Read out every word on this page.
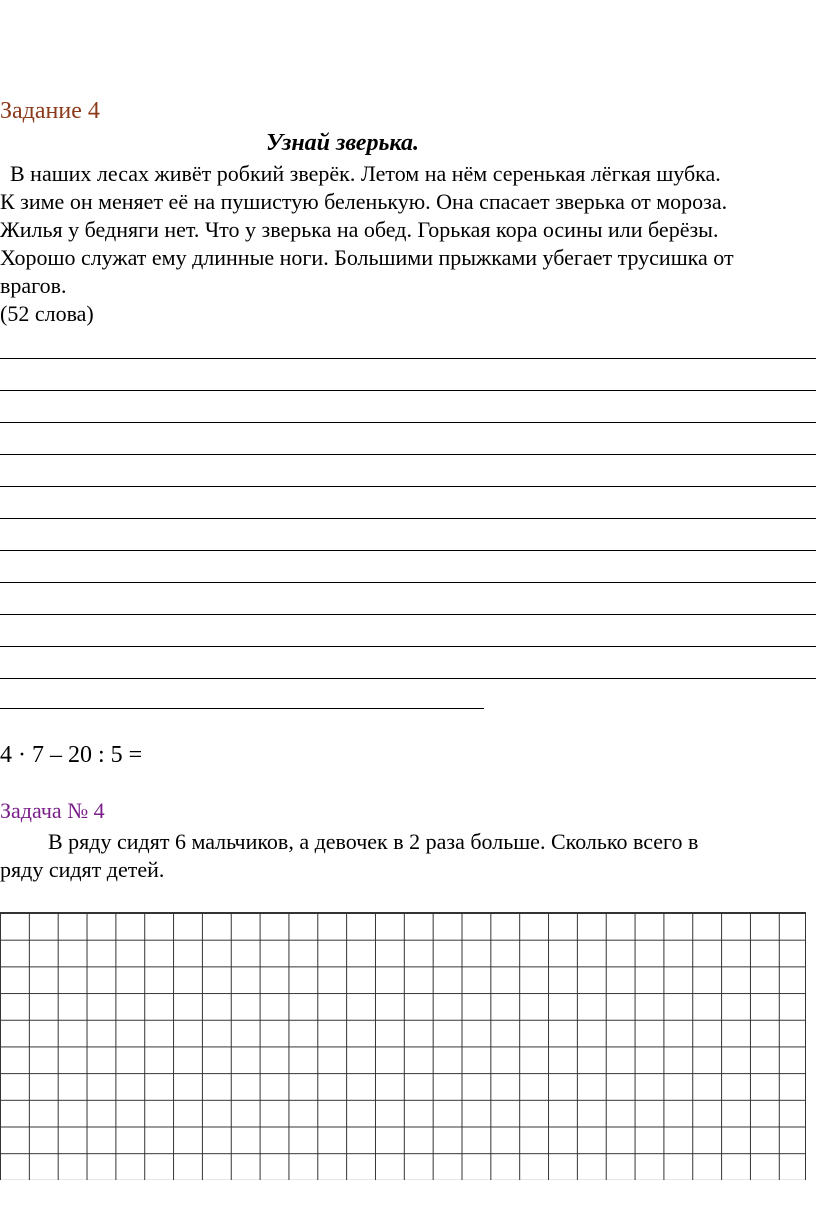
Задание 4
Узнай зверька.
В наших лесах живёт робкий зверёк. Летом на нём серенькая лёгкая шубка.
К зиме он меняет её на пушистую беленькую. Она спасает зверька от мороза.
Жилья у бедняги нет. Что у зверька на обед. Горькая кора осины или берёзы.
Хорошо служат ему длинные ноги. Большими прыжками убегает трусишка от
врагов.
(52 слова)
4 · 7 – 20 : 5 =
Задача № 4
В ряду сидят 6 мальчиков, а девочек в 2 раза больше. Сколько всего в
ряду сидят детей.
